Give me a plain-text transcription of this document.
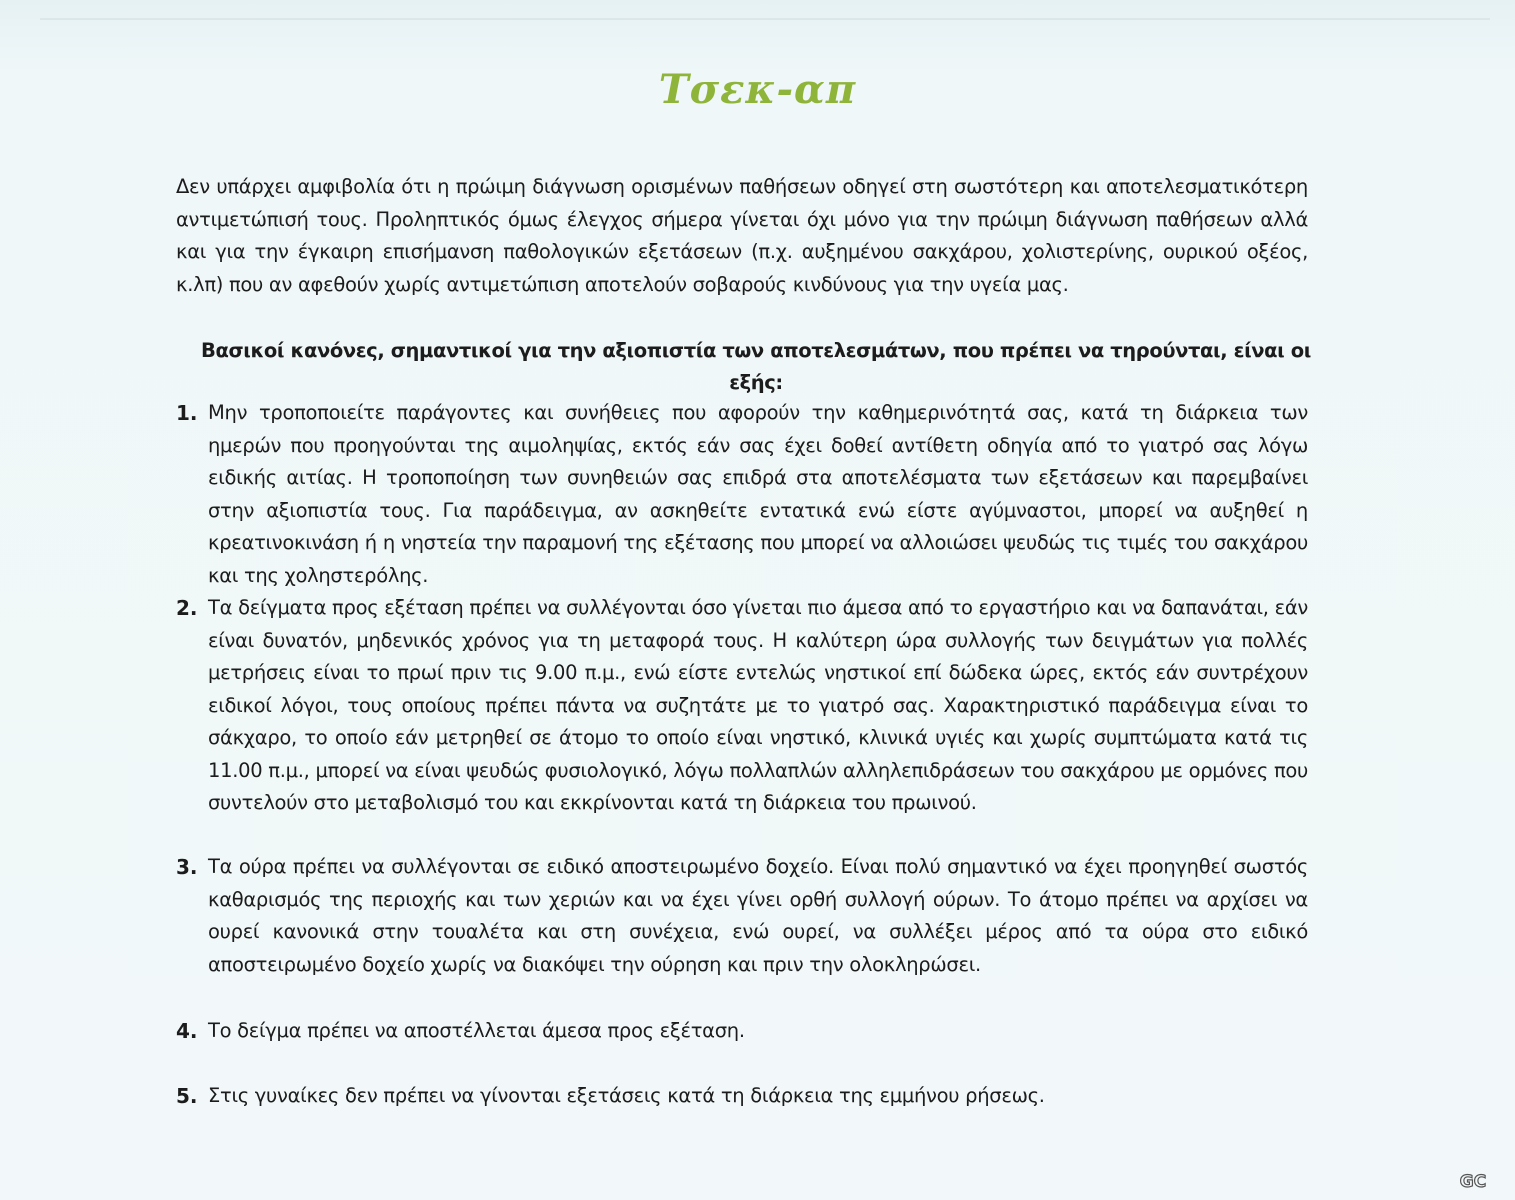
Τσεκ-απ

Δεν υπάρχει αμφιβολία ότι η πρώιμη διάγνωση ορισμένων παθήσεων οδηγεί στη σωστότερη και αποτελεσματικότερη αντιμετώπισή τους. Προληπτικός όμως έλεγχος σήμερα γίνεται όχι μόνο για την πρώιμη διάγνωση παθήσεων αλλά και για την έγκαιρη επισήμανση παθολογικών εξετάσεων (π.χ. αυξημένου σακχάρου, χολιστερίνης, ουρικού οξέος, κ.λπ) που αν αφεθούν χωρίς αντιμετώπιση αποτελούν σοβαρούς κινδύνους για την υγεία μας.

Βασικοί κανόνες, σημαντικοί για την αξιοπιστία των αποτελεσμάτων, που πρέπει να τηρούνται, είναι οι εξής:
1. Μην τροποποιείτε παράγοντες και συνήθειες που αφορούν την καθημερινότητά σας, κατά τη διάρκεια των ημερών που προηγούνται της αιμοληψίας, εκτός εάν σας έχει δοθεί αντίθετη οδηγία από το γιατρό σας λόγω ειδικής αιτίας. Η τροποποίηση των συνηθειών σας επιδρά στα αποτελέσματα των εξετάσεων και παρεμβαίνει στην αξιοπιστία τους. Για παράδειγμα, αν ασκηθείτε εντατικά ενώ είστε αγύμναστοι, μπορεί να αυξηθεί η κρεατινοκινάση ή η νηστεία την παραμονή της εξέτασης που μπορεί να αλλοιώσει ψευδώς τις τιμές του σακχάρου και της χοληστερόλης.

2. Τα δείγματα προς εξέταση πρέπει να συλλέγονται όσο γίνεται πιο άμεσα από το εργαστήριο και να δαπανάται, εάν είναι δυνατόν, μηδενικός χρόνος για τη μεταφορά τους. Η καλύτερη ώρα συλλογής των δειγμάτων για πολλές μετρήσεις είναι το πρωί πριν τις 9.00 π.μ., ενώ είστε εντελώς νηστικοί επί δώδεκα ώρες, εκτός εάν συντρέχουν ειδικοί λόγοι, τους οποίους πρέπει πάντα να συζητάτε με το γιατρό σας. Χαρακτηριστικό παράδειγμα είναι το σάκχαρο, το οποίο εάν μετρηθεί σε άτομο το οποίο είναι νηστικό, κλινικά υγιές και χωρίς συμπτώματα κατά τις 11.00 π.μ., μπορεί να είναι ψευδώς φυσιολογικό, λόγω πολλαπλών αλληλεπιδράσεων του σακχάρου με ορμόνες που συντελούν στο μεταβολισμό του και εκκρίνονται κατά τη διάρκεια του πρωινού.

3. Τα ούρα πρέπει να συλλέγονται σε ειδικό αποστειρωμένο δοχείο. Είναι πολύ σημαντικό να έχει προηγηθεί σωστός καθαρισμός της περιοχής και των χεριών και να έχει γίνει ορθή συλλογή ούρων. Το άτομο πρέπει να αρχίσει να ουρεί κανονικά στην τουαλέτα και στη συνέχεια, ενώ ουρεί, να συλλέξει μέρος από τα ούρα στο ειδικό αποστειρωμένο δοχείο χωρίς να διακόψει την ούρηση και πριν την ολοκληρώσει.

4. Το δείγμα πρέπει να αποστέλλεται άμεσα προς εξέταση.

5. Στις γυναίκες δεν πρέπει να γίνονται εξετάσεις κατά τη διάρκεια της εμμήνου ρήσεως.

GC
